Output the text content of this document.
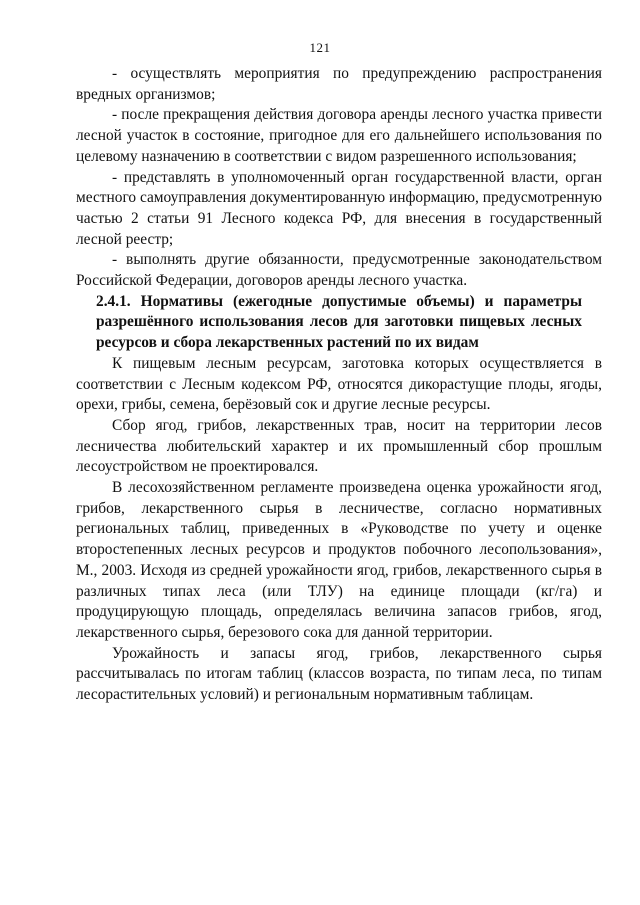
121

- осуществлять мероприятия по предупреждению распространения вредных организмов;

- после прекращения действия договора аренды лесного участка привести лесной участок в состояние, пригодное для его дальнейшего использования по целевому назначению в соответствии с видом разрешенного использования;

- представлять в уполномоченный орган государственной власти, орган местного самоуправления документированную информацию, предусмотренную частью 2 статьи 91 Лесного кодекса РФ, для внесения в государственный лесной реестр;

- выполнять другие обязанности, предусмотренные законодательством Российской Федерации, договоров аренды лесного участка.

2.4.1. Нормативы (ежегодные допустимые объемы) и параметры разрешённого использования лесов для заготовки пищевых лесных ресурсов и сбора лекарственных растений по их видам

К пищевым лесным ресурсам, заготовка которых осуществляется в соответствии с Лесным кодексом РФ, относятся дикорастущие плоды, ягоды, орехи, грибы, семена, берёзовый сок и другие лесные ресурсы.

Сбор ягод, грибов, лекарственных трав, носит на территории лесов лесничества любительский характер и их промышленный сбор прошлым лесоустройством не проектировался.

В лесохозяйственном регламенте произведена оценка урожайности ягод, грибов, лекарственного сырья в лесничестве, согласно нормативных региональных таблиц, приведенных в «Руководстве по учету и оценке второстепенных лесных ресурсов и продуктов побочного лесопользования», М., 2003. Исходя из средней урожайности ягод, грибов, лекарственного сырья в различных типах леса (или ТЛУ) на единице площади (кг/га) и продуцирующую площадь, определялась величина запасов грибов, ягод, лекарственного сырья, березового сока для данной территории.

Урожайность и запасы ягод, грибов, лекарственного сырья рассчитывалась по итогам таблиц (классов возраста, по типам леса, по типам лесорастительных условий) и региональным нормативным таблицам.
